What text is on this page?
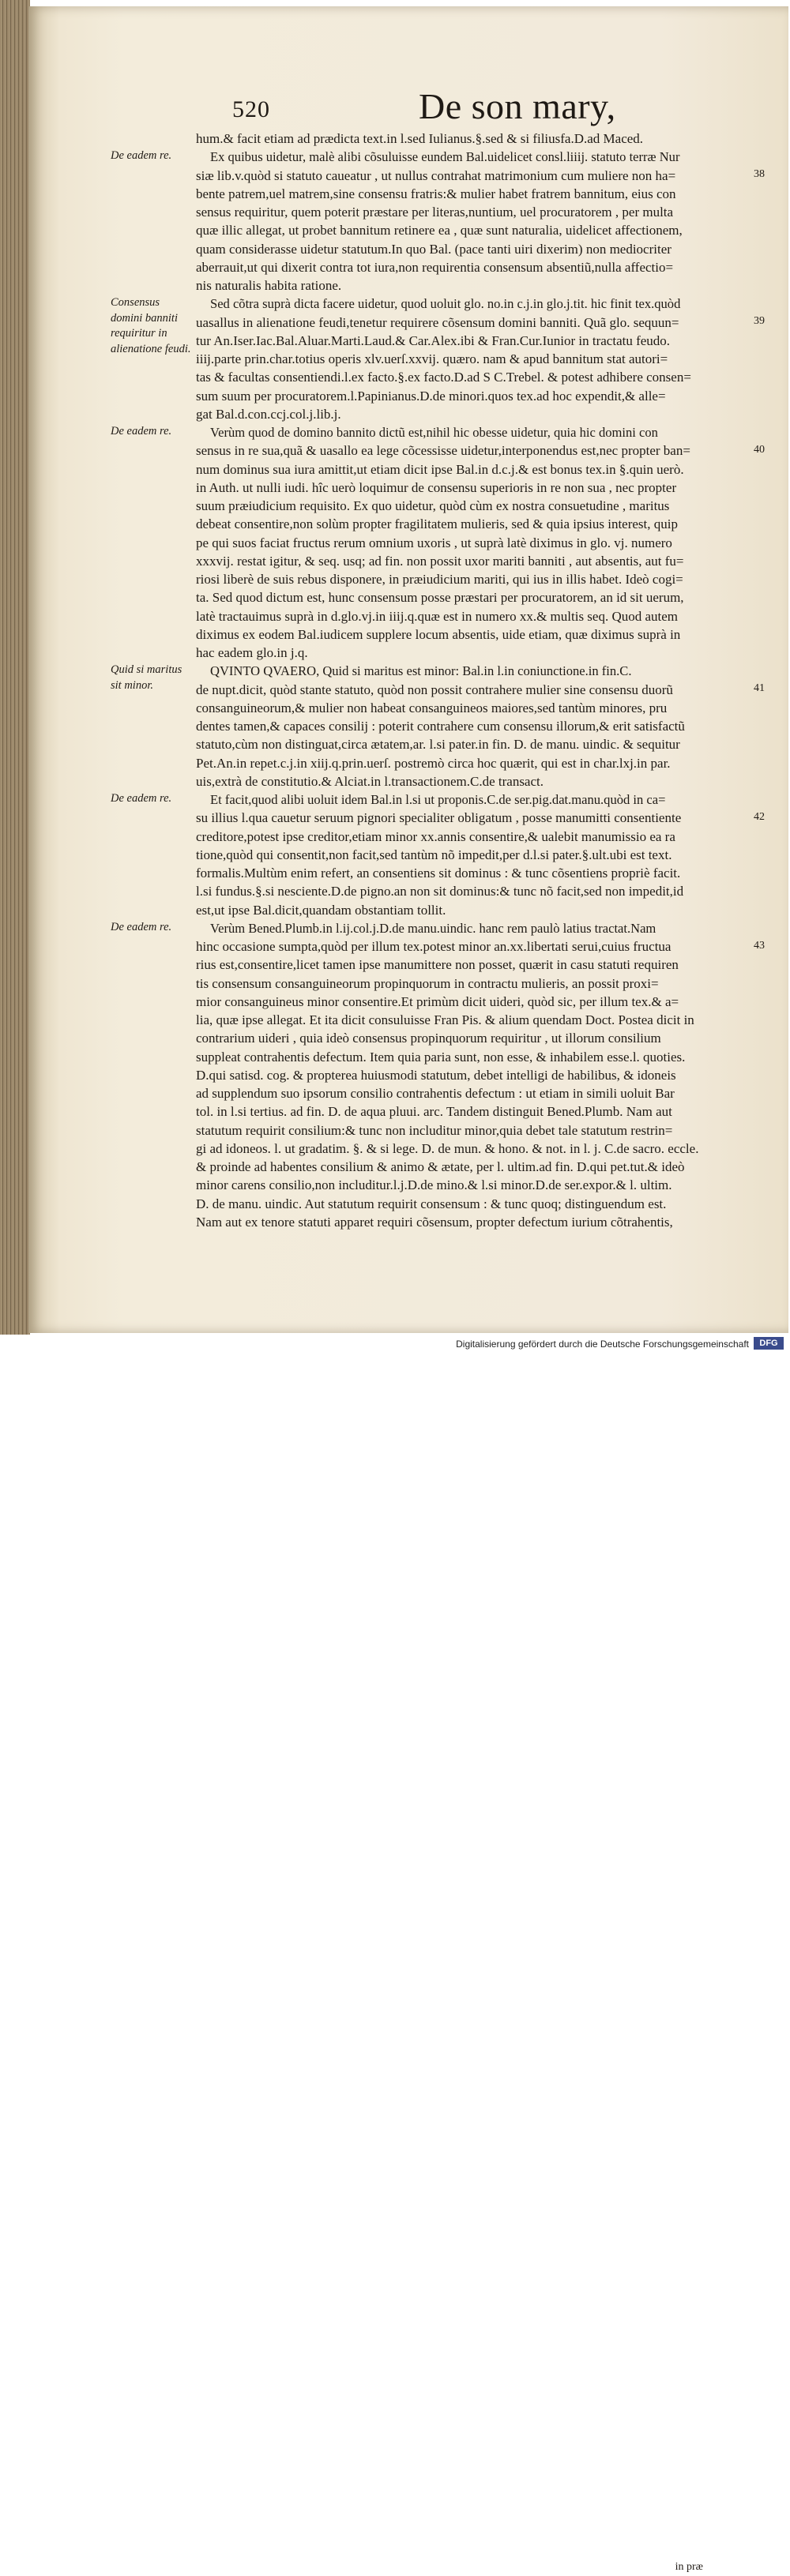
520	De son mary,
hum.& facit etiam ad prædicta text.in l.sed Iulianus.§.sed & si filiusfa.D.ad Maced.
De eadem re.
38
Ex quibus uidetur, malè alibi cõsuluisse eundem Bal.uidelicet consl.liiij. statuto terræ Nur
siæ lib.v.quòd si statuto caueatur , ut nullus contrahat matrimonium cum muliere non ha=
bente patrem,uel matrem,sine consensu fratris:& mulier habet fratrem bannitum, eius con
sensus requiritur, quem poterit præstare per literas,nuntium, uel procuratorem , per multa
quæ illic allegat, ut probet bannitum retinere ea , quæ sunt naturalia, uidelicet affectionem,
quam considerasse uidetur statutum.In quo Bal. (pace tanti uiri dixerim) non mediocriter
aberrauit,ut qui dixerit contra tot iura,non requirentia consensum absentiũ,nulla affectio=
nis naturalis habita ratione.
Consensus domini banniti requiritur in alienatione feudi.
39
Sed cõtra suprà dicta facere uidetur, quod uoluit glo. no.in c.j.in glo.j.tit. hic finit tex.quòd
uasallus in alienatione feudi,tenetur requirere cõsensum domini banniti. Quã glo. sequun=
tur An.Iser.Iac.Bal.Aluar.Marti.Laud.& Car.Alex.ibi & Fran.Cur.Iunior in tractatu feudo.
iiij.parte prin.char.totius operis xlv.uerſ.xxvij. quæro. nam & apud bannitum stat autori=
tas & facultas consentiendi.l.ex facto.§.ex facto.D.ad S C.Trebel. & potest adhibere consen=
sum suum per procuratorem.l.Papinianus.D.de minori.quos tex.ad hoc expendit,& alle=
gat Bal.d.con.ccj.col.j.lib.j.
De eadem re.
40
Verùm quod de domino bannito dictũ est,nihil hic obesse uidetur, quia hic domini con
sensus in re sua,quã & uasallo ea lege cõcessisse uidetur,interponendus est,nec propter ban=
num dominus sua iura amittit,ut etiam dicit ipse Bal.in d.c.j.& est bonus tex.in §.quin uerò.
in Auth. ut nulli iudi. hîc uerò loquimur de consensu superioris in re non sua , nec propter
suum præiudicium requisito. Ex quo uidetur, quòd cùm ex nostra consuetudine , maritus
debeat consentire,non solùm propter fragilitatem mulieris, sed & quia ipsius interest, quip
pe qui suos faciat fructus rerum omnium uxoris , ut suprà latè diximus in glo. vj. numero
xxxvij. restat igitur, & seq. usq; ad fin. non possit uxor mariti banniti , aut absentis, aut fu=
riosi liberè de suis rebus disponere, in præiudicium mariti, qui ius in illis habet. Ideò cogi=
ta. Sed quod dictum est, hunc consensum posse præstari per procuratorem, an id sit uerum,
latè tractauimus suprà in d.glo.vj.in iiij.q.quæ est in numero xx.& multis seq. Quod autem
diximus ex eodem Bal.iudicem supplere locum absentis, uide etiam, quæ diximus suprà in
hac eadem glo.in j.q.
Quid si maritus sit minor.	41
QVINTO QVAERO, Quid si maritus est minor: Bal.in l.in coniunctione.in fin.C.
de nupt.dicit, quòd stante statuto, quòd non possit contrahere mulier sine consensu duorũ
consanguineorum,& mulier non habeat consanguineos maiores,sed tantùm minores, pru
dentes tamen,& capaces consilij : poterit contrahere cum consensu illorum,& erit satisfactũ
statuto,cùm non distinguat,circa ætatem,ar. l.si pater.in fin. D. de manu. uindic. & sequitur
Pet.An.in repet.c.j.in xiij.q.prin.uerſ. postremò circa hoc quærit, qui est in char.lxj.in par.
uis,extrà de constitutio.& Alciat.in l.transactionem.C.de transact.
De eadem re.
42
Et facit,quod alibi uoluit idem Bal.in l.si ut proponis.C.de ser.pig.dat.manu.quòd in ca=
su illius l.qua cauetur seruum pignori specialiter obligatum , posse manumitti consentiente
creditore,potest ipse creditor,etiam minor xx.annis consentire,& ualebit manumissio ea ra
tione,quòd qui consentit,non facit,sed tantùm nõ impedit,per d.l.si pater.§.ult.ubi est text.
formalis.Multùm enim refert, an consentiens sit dominus : & tunc cõsentiens propriè facit.
l.si fundus.§.si nesciente.D.de pigno.an non sit dominus:& tunc nõ facit,sed non impedit,id
est,ut ipse Bal.dicit,quandam obstantiam tollit.
De eadem re.
43
Verùm Bened.Plumb.in l.ij.col.j.D.de manu.uindic. hanc rem paulò latius tractat.Nam
hinc occasione sumpta,quòd per illum tex.potest minor an.xx.libertati serui,cuius fructua
rius est,consentire,licet tamen ipse manumittere non posset, quærit in casu statuti requiren
tis consensum consanguineorum propinquorum in contractu mulieris, an possit proxi=
mior consanguineus minor consentire.Et primùm dicit uideri, quòd sic, per illum tex.& a=
lia, quæ ipse allegat. Et ita dicit consuluisse Fran Pis. & alium quendam Doct. Postea dicit in
contrarium uideri , quia ideò consensus propinquorum requiritur , ut illorum consilium
suppleat contrahentis defectum. Item quia paria sunt, non esse, & inhabilem esse.l. quoties.
D.qui satisd. cog. & propterea huiusmodi statutum, debet intelligi de habilibus, & idoneis
ad supplendum suo ipsorum consilio contrahentis defectum : ut etiam in simili uoluit Bar
tol. in l.si tertius. ad fin. D. de aqua pluui. arc. Tandem distinguit Bened.Plumb. Nam aut
statutum requirit consilium:& tunc non includitur minor,quia debet tale statutum restrin=
gi ad idoneos. l. ut gradatim. §. & si lege. D. de mun. & hono. & not. in l. j. C.de sacro. eccle.
& proinde ad habentes consilium & animo & ætate, per l. ultim.ad fin. D.qui pet.tut.& ideò
minor carens consilio,non includitur.l.j.D.de mino.& l.si minor.D.de ser.expor.& l. ultim.
D. de manu. uindic. Aut statutum requirit consensum : & tunc quoq; distinguendum est.
Nam aut ex tenore statuti apparet requiri cõsensum, propter defectum iurium cõtrahentis,
in præ
Digitalisierung gefördert durch die Deutsche Forschungsgemeinschaft	DFG
